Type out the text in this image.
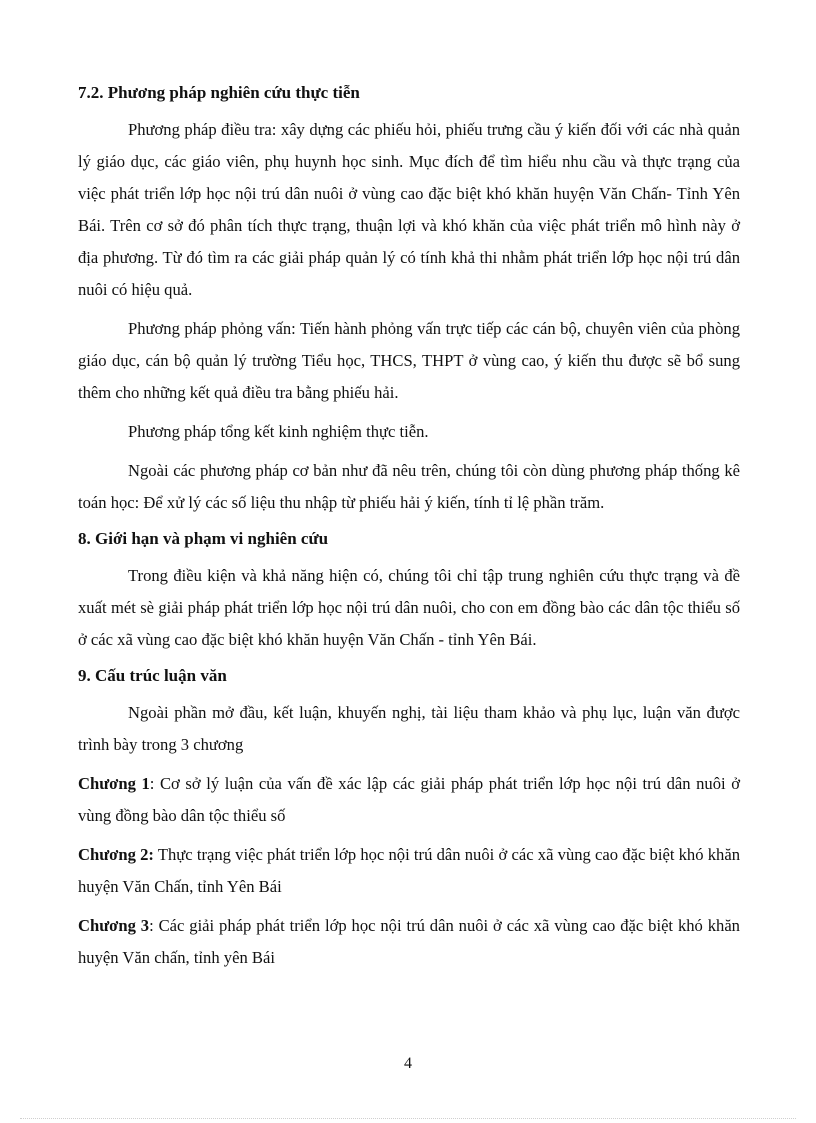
7.2. Phương pháp nghiên cứu thực tiễn

Phương pháp điều tra: xây dựng các phiếu hỏi, phiếu trưng cầu ý kiến đối với các nhà quản lý giáo dục, các giáo viên, phụ huynh học sinh. Mục đích để tìm hiểu nhu cầu và thực trạng của việc phát triển lớp học nội trú dân nuôi ở vùng cao đặc biệt khó khăn huyện Văn Chấn- Tỉnh Yên Bái. Trên cơ sở đó phân tích thực trạng, thuận lợi và khó khăn của việc phát triển mô hình này ở địa phương. Từ đó tìm ra các giải pháp quản lý có tính khả thi nhằm phát triển lớp học nội trú dân nuôi có hiệu quả.

Phương pháp phỏng vấn: Tiến hành phỏng vấn trực tiếp các cán bộ, chuyên viên của phòng giáo dục, cán bộ quản lý trường Tiểu học, THCS, THPT ở vùng cao, ý kiến thu được sẽ bổ sung thêm cho những kết quả điều tra bằng phiếu hải.

Phương pháp tổng kết kinh nghiệm thực tiễn.

Ngoài các phương pháp cơ bản như đã nêu trên, chúng tôi còn dùng phương pháp thống kê toán học: Để xử lý các số liệu thu nhập từ phiếu hải ý kiến, tính tỉ lệ phần trăm.

8. Giới hạn và phạm vi nghiên cứu

Trong điều kiện và khả năng hiện có, chúng tôi chỉ tập trung nghiên cứu thực trạng và đề xuất mét sè giải pháp phát triển lớp học nội trú dân nuôi, cho con em đồng bào các dân tộc thiểu số ở các xã vùng cao đặc biệt khó khăn huyện Văn Chấn - tỉnh Yên Bái.

9. Cấu trúc luận văn

Ngoài phần mở đầu, kết luận, khuyến nghị, tài liệu tham khảo và phụ lục, luận văn được trình bày trong 3 chương

Chương 1: Cơ sở lý luận của vấn đề xác lập các giải pháp phát triển lớp học nội trú dân nuôi ở vùng đồng bào dân tộc thiểu số

Chương 2: Thực trạng việc phát triển lớp học nội trú dân nuôi ở các xã vùng cao đặc biệt khó khăn huyện Văn Chấn, tỉnh Yên Bái

Chương 3: Các giải pháp phát triển lớp học nội trú dân nuôi ở các xã vùng cao đặc biệt khó khăn huyện Văn chấn, tỉnh yên Bái

4
